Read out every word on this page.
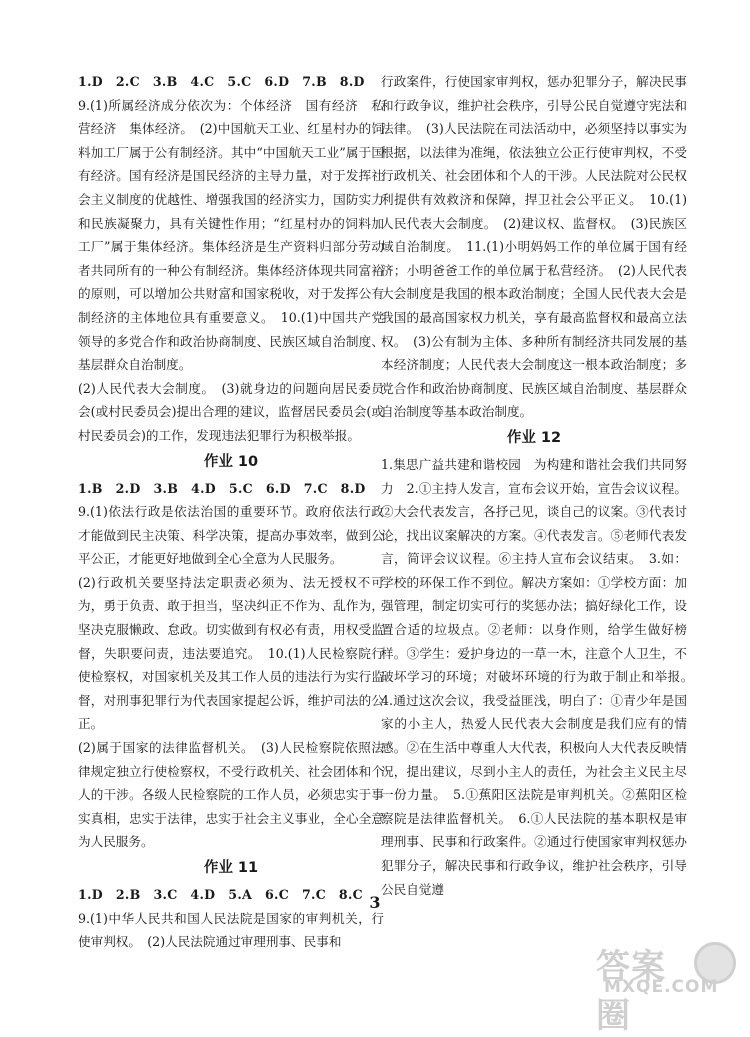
1.D　2.C　3.B　4.C　5.C　6.D　7.B　8.D

9.(1)所属经济成分依次为：个体经济　国有经济　私营经济　集体经济。　(2)中国航天工业、红星村办的饲料加工厂属于公有制经济。其中“中国航天工业”属于国有经济。国有经济是国民经济的主导力量，对于发挥社会主义制度的优越性、增强我国的经济实力，国防实力和民族凝聚力，具有关键性作用；“红星村办的饲料加工厂”属于集体经济。集体经济是生产资料归部分劳动者共同所有的一种公有制经济。集体经济体现共同富裕的原则，可以增加公共财富和国家税收，对于发挥公有制经济的主体地位具有重要意义。　10.(1)中国共产党领导的多党合作和政治协商制度、民族区域自治制度、基层群众自治制度。

(2)人民代表大会制度。　(3)就身边的问题向居民委员会(或村民委员会)提出合理的建议，监督居民委员会(或村民委员会)的工作，发现违法犯罪行为积极举报。

作业 10

1.B　2.D　3.B　4.D　5.C　6.D　7.C　8.D

9.(1)依法行政是依法治国的重要环节。政府依法行政才能做到民主决策、科学决策，提高办事效率，做到公平公正，才能更好地做到全心全意为人民服务。

(2)行政机关要坚持法定职责必须为、法无授权不可为，勇于负责、敢于担当，坚决纠正不作为、乱作为，坚决克服懒政、怠政。切实做到有权必有责，用权受监督，失职要问责，违法要追究。　10.(1)人民检察院行使检察权，对国家机关及其工作人员的违法行为实行监督，对刑事犯罪行为代表国家提起公诉，维护司法的公正。

(2)属于国家的法律监督机关。　(3)人民检察院依照法律规定独立行使检察权，不受行政机关、社会团体和个人的干涉。各级人民检察院的工作人员，必须忠实于事实真相，忠实于法律，忠实于社会主义事业，全心全意为人民服务。

作业 11

1.D　2.B　3.C　4.D　5.A　6.C　7.C　8.C

9.(1)中华人民共和国人民法院是国家的审判机关，行使审判权。　(2)人民法院通过审理刑事、民事和

行政案件，行使国家审判权，惩办犯罪分子，解决民事和行政争议，维护社会秩序，引导公民自觉遵守宪法和法律。　(3)人民法院在司法活动中，必须坚持以事实为根据，以法律为准绳，依法独立公正行使审判权，不受行政机关、社会团体和个人的干涉。人民法院对公民权利提供有效救济和保障，捍卫社会公平正义。　10.(1)人民代表大会制度。　(2)建议权、监督权。　(3)民族区域自治制度。　11.(1)小明妈妈工作的单位属于国有经济；小明爸爸工作的单位属于私营经济。　(2)人民代表大会制度是我国的根本政治制度；全国人民代表大会是我国的最高国家权力机关，享有最高监督权和最高立法权。　(3)公有制为主体、多种所有制经济共同发展的基本经济制度；人民代表大会制度这一根本政治制度；多党合作和政治协商制度、民族区域自治制度、基层群众自治制度等基本政治制度。

作业 12

1.集思广益共建和谐校园　为构建和谐社会我们共同努力　2.①主持人发言，宣布会议开始，宣告会议议程。②大会代表发言，各抒己见，谈自己的议案。③代表讨论，找出议案解决的方案。④代表发言。⑤老师代表发言，简评会议议程。⑥主持人宣布会议结束。　3.如：学校的环保工作不到位。解决方案如：①学校方面：加强管理，制定切实可行的奖惩办法；搞好绿化工作，设置合适的垃圾点。②老师：以身作则，给学生做好榜样。③学生：爱护身边的一草一木，注意个人卫生，不破坏学习的环境；对破坏环境的行为敢于制止和举报。　4.通过这次会议，我受益匪浅，明白了：①青少年是国家的小主人，热爱人民代表大会制度是我们应有的情感。②在生活中尊重人大代表，积极向人大代表反映情况，提出建议，尽到小主人的责任，为社会主义民主尽一份力量。　5.①蕉阳区法院是审判机关。②蕉阳区检察院是法律监督机关。　6.①人民法院的基本职权是审理刑事、民事和行政案件。②通过行使国家审判权惩办犯罪分子，解决民事和行政争议，维护社会秩序，引导公民自觉遵

3
答案圈
MXQE.COM
